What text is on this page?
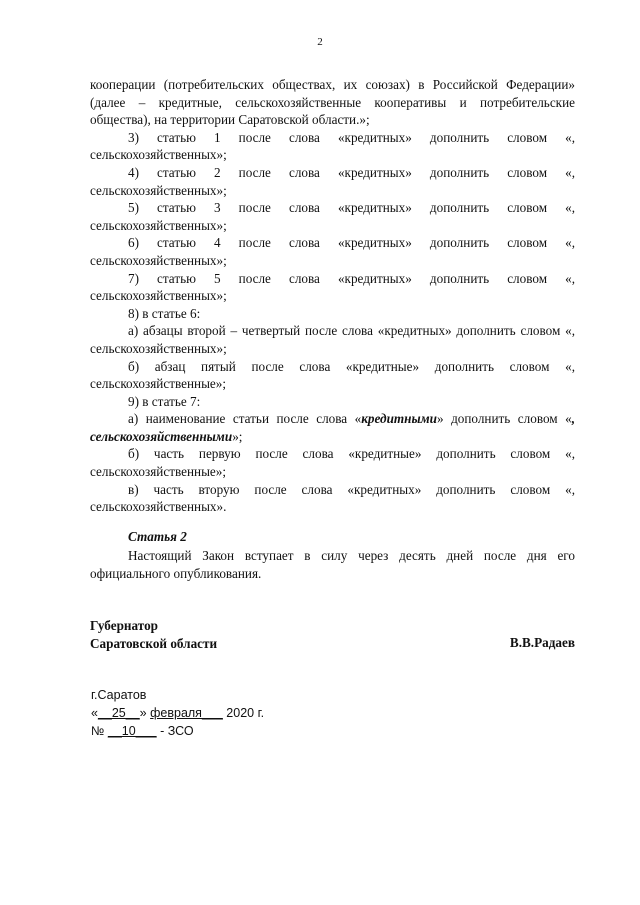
2

кооперации (потребительских обществах, их союзах) в Российской Федерации» (далее – кредитные, сельскохозяйственные кооперативы и потребительские общества), на территории Саратовской области.»;

3) статью 1 после слова «кредитных» дополнить словом «, сельскохозяйственных»;

4) статью 2 после слова «кредитных» дополнить словом «, сельскохозяйственных»;

5) статью 3 после слова «кредитных» дополнить словом «, сельскохозяйственных»;

6) статью 4 после слова «кредитных» дополнить словом «, сельскохозяйственных»;

7) статью 5 после слова «кредитных» дополнить словом «, сельскохозяйственных»;

8) в статье 6:

а) абзацы второй – четвертый после слова «кредитных» дополнить словом «, сельскохозяйственных»;

б) абзац пятый после слова «кредитные» дополнить словом «, сельскохозяйственные»;

9) в статье 7:

а) наименование статьи после слова «кредитными» дополнить словом «, сельскохозяйственными»;

б) часть первую после слова «кредитные» дополнить словом «, сельскохозяйственные»;

в) часть вторую после слова «кредитных» дополнить словом «, сельскохозяйственных».

Статья 2

Настоящий Закон вступает в силу через десять дней после дня его официального опубликования.

Губернатор
Саратовской области	В.В.Радаев
г.Саратов
«__25__» февраля___ 2020 г.
№ __10___ - ЗСО
